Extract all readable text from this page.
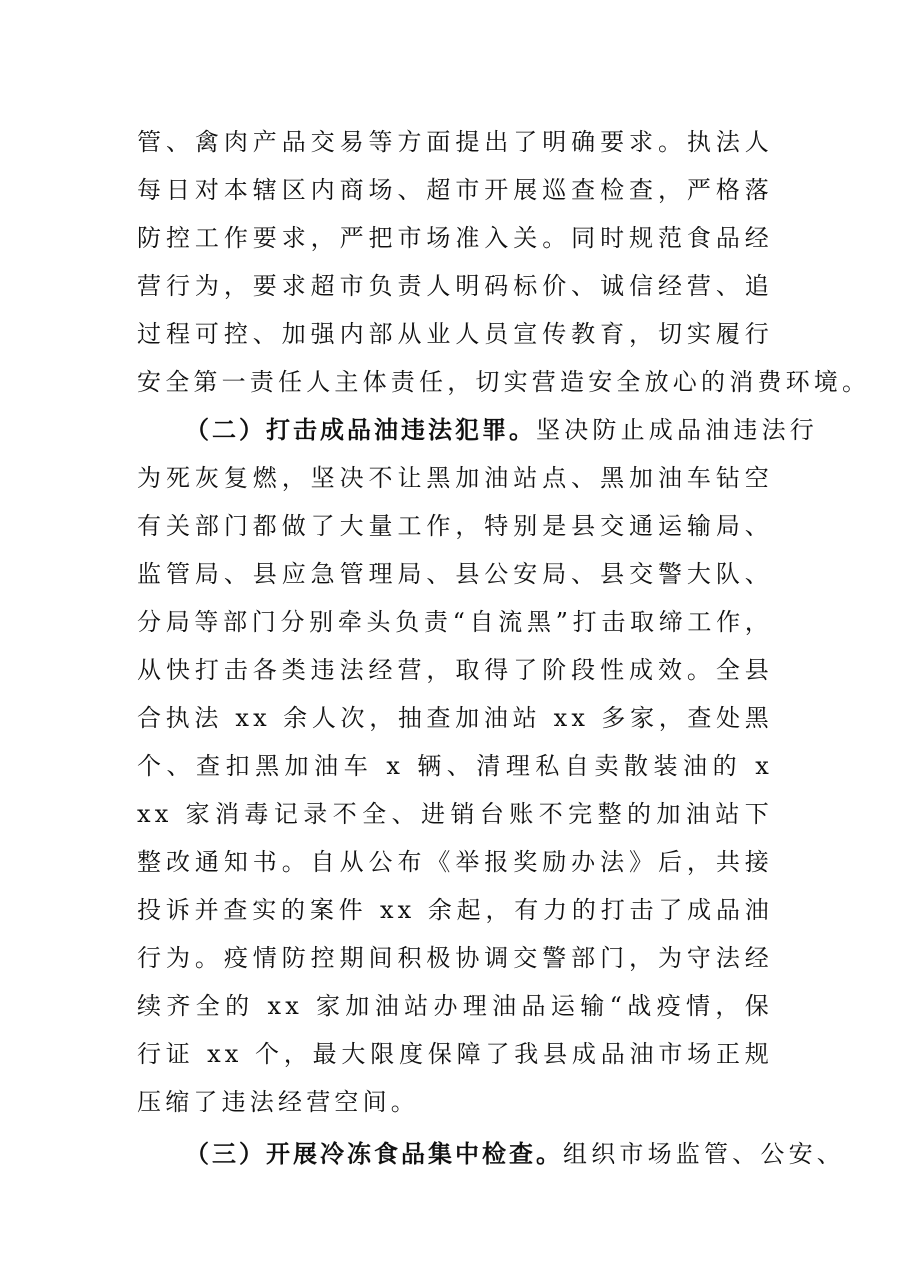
管、禽肉产品交易等方面提出了明确要求。执法人
每日对本辖区内商场、超市开展巡查检查，严格落
防控工作要求，严把市场准入关。同时规范食品经
营行为，要求超市负责人明码标价、诚信经营、追
过程可控、加强内部从业人员宣传教育，切实履行
安全第一责任人主体责任，切实营造安全放心的消费环境。
（二）打击成品油违法犯罪。坚决防止成品油违法行
为死灰复燃，坚决不让黑加油站点、黑加油车钻空
有关部门都做了大量工作，特别是县交通运输局、
监管局、县应急管理局、县公安局、县交警大队、
分局等部门分别牵头负责“自流黑”打击取缔工作，
从快打击各类违法经营，取得了阶段性成效。全县
合执法 xx 余人次，抽查加油站 xx 多家，查处黑
个、查扣黑加油车 x 辆、清理私自卖散装油的 x
xx 家消毒记录不全、进销台账不完整的加油站下
整改通知书。自从公布《举报奖励办法》后，共接
投诉并查实的案件 xx 余起，有力的打击了成品油
行为。疫情防控期间积极协调交警部门，为守法经
续齐全的 xx 家加油站办理油品运输“战疫情，保
行证 xx 个，最大限度保障了我县成品油市场正规
压缩了违法经营空间。
（三）开展冷冻食品集中检查。组织市场监管、公安、
